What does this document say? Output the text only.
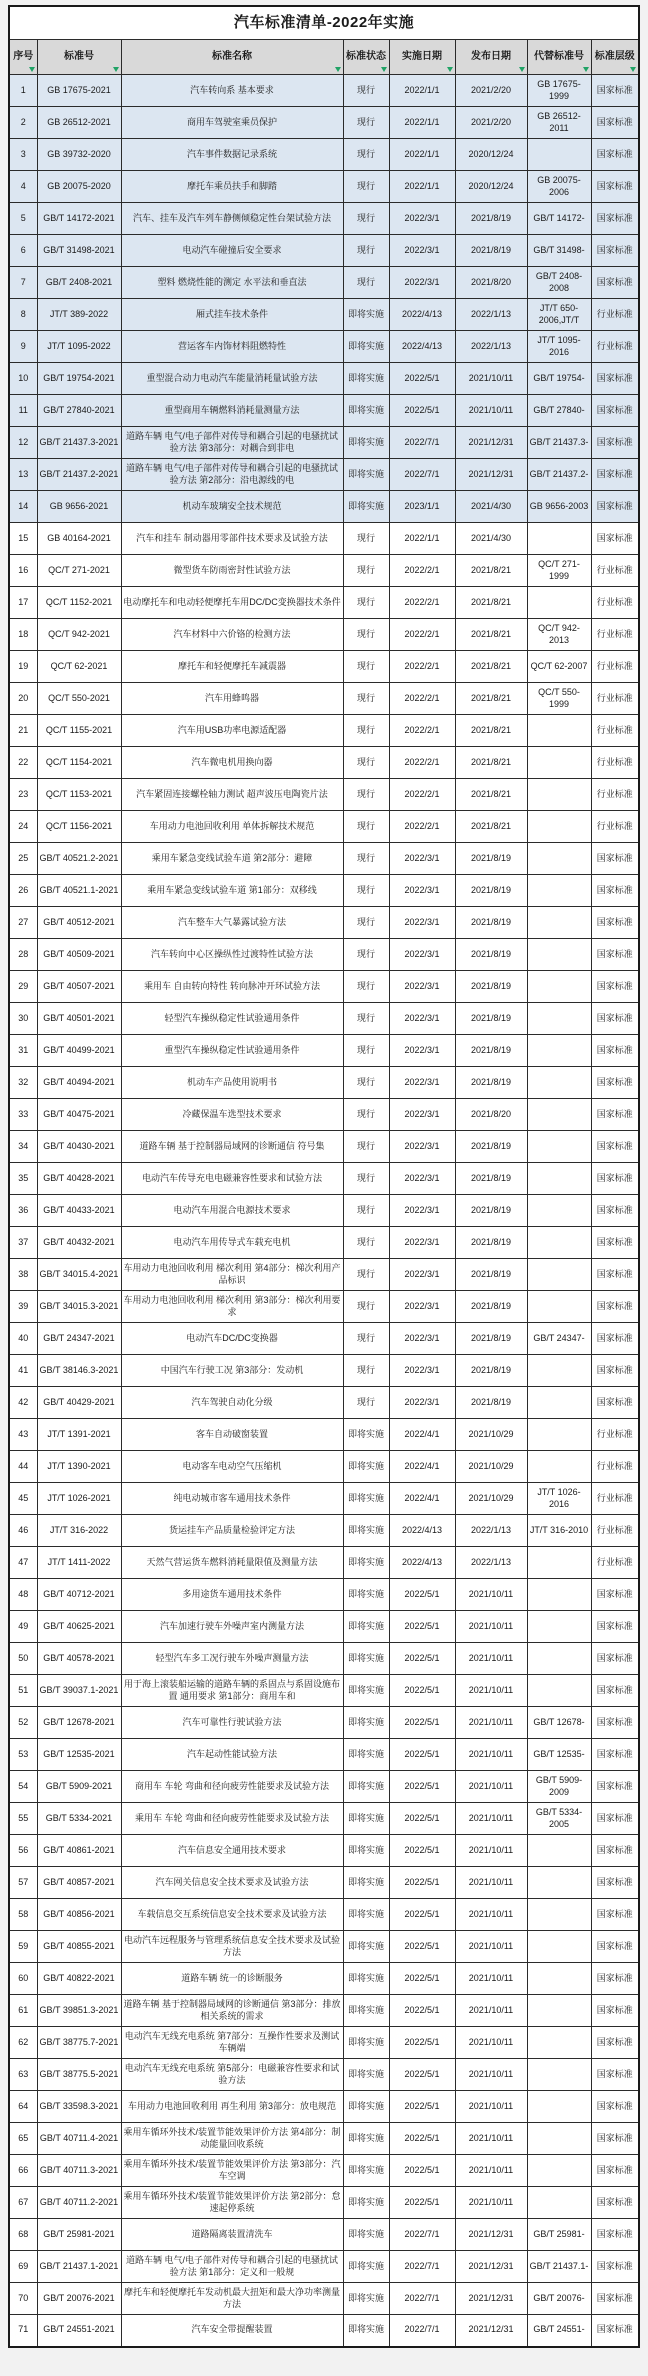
汽车标准清单-2022年实施							
序号	标准号	标准名称	标准状态	实施日期	发布日期	代替标准号	标准层级

1	GB 17675-2021	汽车转向系 基本要求	现行	2022/1/1	2021/2/20	GB 17675-1999	国家标准
2	GB 26512-2021	商用车驾驶室乘员保护	现行	2022/1/1	2021/2/20	GB 26512-2011	国家标准
3	GB 39732-2020	汽车事件数据记录系统	现行	2022/1/1	2020/12/24		国家标准
4	GB 20075-2020	摩托车乘员扶手和脚踏	现行	2022/1/1	2020/12/24	GB 20075-2006	国家标准
5	GB/T 14172-2021	汽车、挂车及汽车列车静侧倾稳定性台架试验方法	现行	2022/3/1	2021/8/19	GB/T 14172-	国家标准
6	GB/T 31498-2021	电动汽车碰撞后安全要求	现行	2022/3/1	2021/8/19	GB/T 31498-	国家标准
7	GB/T 2408-2021	塑料 燃烧性能的测定 水平法和垂直法	现行	2022/3/1	2021/8/20	GB/T 2408-2008	国家标准
8	JT/T 389-2022	厢式挂车技术条件	即将实施	2022/4/13	2022/1/13	JT/T 650-2006,JT/T	行业标准
9	JT/T 1095-2022	营运客车内饰材料阻燃特性	即将实施	2022/4/13	2022/1/13	JT/T 1095-2016	行业标准
10	GB/T 19754-2021	重型混合动力电动汽车能量消耗量试验方法	即将实施	2022/5/1	2021/10/11	GB/T 19754-	国家标准
11	GB/T 27840-2021	重型商用车辆燃料消耗量测量方法	即将实施	2022/5/1	2021/10/11	GB/T 27840-	国家标准
12	GB/T 21437.3-2021	道路车辆 电气/电子部件对传导和耦合引起的电骚扰试验方法 第3部分：对耦合到非电	即将实施	2022/7/1	2021/12/31	GB/T 21437.3-	国家标准
13	GB/T 21437.2-2021	道路车辆 电气/电子部件对传导和耦合引起的电骚扰试验方法 第2部分：沿电源线的电	即将实施	2022/7/1	2021/12/31	GB/T 21437.2-	国家标准
14	GB 9656-2021	机动车玻璃安全技术规范	即将实施	2023/1/1	2021/4/30	GB 9656-2003	国家标准
15	GB 40164-2021	汽车和挂车 制动器用零部件技术要求及试验方法	现行	2022/1/1	2021/4/30		国家标准
16	QC/T 271-2021	微型货车防雨密封性试验方法	现行	2022/2/1	2021/8/21	QC/T 271-1999	行业标准
17	QC/T 1152-2021	电动摩托车和电动轻便摩托车用DC/DC变换器技术条件	现行	2022/2/1	2021/8/21		行业标准
18	QC/T 942-2021	汽车材料中六价铬的检测方法	现行	2022/2/1	2021/8/21	QC/T 942-2013	行业标准
19	QC/T 62-2021	摩托车和轻便摩托车减震器	现行	2022/2/1	2021/8/21	QC/T 62-2007	行业标准
20	QC/T 550-2021	汽车用蜂鸣器	现行	2022/2/1	2021/8/21	QC/T 550-1999	行业标准
21	QC/T 1155-2021	汽车用USB功率电源适配器	现行	2022/2/1	2021/8/21		行业标准
22	QC/T 1154-2021	汽车微电机用换向器	现行	2022/2/1	2021/8/21		行业标准
23	QC/T 1153-2021	汽车紧固连接螺栓轴力测试 超声波压电陶瓷片法	现行	2022/2/1	2021/8/21		行业标准
24	QC/T 1156-2021	车用动力电池回收利用 单体拆解技术规范	现行	2022/2/1	2021/8/21		行业标准
25	GB/T 40521.2-2021	乘用车紧急变线试验车道 第2部分：避障	现行	2022/3/1	2021/8/19		国家标准
26	GB/T 40521.1-2021	乘用车紧急变线试验车道 第1部分：双移线	现行	2022/3/1	2021/8/19		国家标准
27	GB/T 40512-2021	汽车整车大气暴露试验方法	现行	2022/3/1	2021/8/19		国家标准
28	GB/T 40509-2021	汽车转向中心区操纵性过渡特性试验方法	现行	2022/3/1	2021/8/19		国家标准
29	GB/T 40507-2021	乘用车 自由转向特性 转向脉冲开环试验方法	现行	2022/3/1	2021/8/19		国家标准
30	GB/T 40501-2021	轻型汽车操纵稳定性试验通用条件	现行	2022/3/1	2021/8/19		国家标准
31	GB/T 40499-2021	重型汽车操纵稳定性试验通用条件	现行	2022/3/1	2021/8/19		国家标准
32	GB/T 40494-2021	机动车产品使用说明书	现行	2022/3/1	2021/8/19		国家标准
33	GB/T 40475-2021	冷藏保温车选型技术要求	现行	2022/3/1	2021/8/20		国家标准
34	GB/T 40430-2021	道路车辆 基于控制器局域网的诊断通信 符号集	现行	2022/3/1	2021/8/19		国家标准
35	GB/T 40428-2021	电动汽车传导充电电磁兼容性要求和试验方法	现行	2022/3/1	2021/8/19		国家标准
36	GB/T 40433-2021	电动汽车用混合电源技术要求	现行	2022/3/1	2021/8/19		国家标准
37	GB/T 40432-2021	电动汽车用传导式车载充电机	现行	2022/3/1	2021/8/19		国家标准
38	GB/T 34015.4-2021	车用动力电池回收利用 梯次利用 第4部分：梯次利用产品标识	现行	2022/3/1	2021/8/19		国家标准
39	GB/T 34015.3-2021	车用动力电池回收利用 梯次利用 第3部分：梯次利用要求	现行	2022/3/1	2021/8/19		国家标准
40	GB/T 24347-2021	电动汽车DC/DC变换器	现行	2022/3/1	2021/8/19	GB/T 24347-	国家标准
41	GB/T 38146.3-2021	中国汽车行驶工况 第3部分：发动机	现行	2022/3/1	2021/8/19		国家标准
42	GB/T 40429-2021	汽车驾驶自动化分级	现行	2022/3/1	2021/8/19		国家标准
43	JT/T 1391-2021	客车自动破窗装置	即将实施	2022/4/1	2021/10/29		行业标准
44	JT/T 1390-2021	电动客车电动空气压缩机	即将实施	2022/4/1	2021/10/29		行业标准
45	JT/T 1026-2021	纯电动城市客车通用技术条件	即将实施	2022/4/1	2021/10/29	JT/T 1026-2016	行业标准
46	JT/T 316-2022	货运挂车产品质量检验评定方法	即将实施	2022/4/13	2022/1/13	JT/T 316-2010	行业标准
47	JT/T 1411-2022	天然气营运货车燃料消耗量限值及测量方法	即将实施	2022/4/13	2022/1/13		行业标准
48	GB/T 40712-2021	多用途货车通用技术条件	即将实施	2022/5/1	2021/10/11		国家标准
49	GB/T 40625-2021	汽车加速行驶车外噪声室内测量方法	即将实施	2022/5/1	2021/10/11		国家标准
50	GB/T 40578-2021	轻型汽车多工况行驶车外噪声测量方法	即将实施	2022/5/1	2021/10/11		国家标准
51	GB/T 39037.1-2021	用于海上滚装船运输的道路车辆的系固点与系固设施布置 通用要求 第1部分：商用车和	即将实施	2022/5/1	2021/10/11		国家标准
52	GB/T 12678-2021	汽车可靠性行驶试验方法	即将实施	2022/5/1	2021/10/11	GB/T 12678-	国家标准
53	GB/T 12535-2021	汽车起动性能试验方法	即将实施	2022/5/1	2021/10/11	GB/T 12535-	国家标准
54	GB/T 5909-2021	商用车 车轮 弯曲和径向疲劳性能要求及试验方法	即将实施	2022/5/1	2021/10/11	GB/T 5909-2009	国家标准
55	GB/T 5334-2021	乘用车 车轮 弯曲和径向疲劳性能要求及试验方法	即将实施	2022/5/1	2021/10/11	GB/T 5334-2005	国家标准
56	GB/T 40861-2021	汽车信息安全通用技术要求	即将实施	2022/5/1	2021/10/11		国家标准
57	GB/T 40857-2021	汽车网关信息安全技术要求及试验方法	即将实施	2022/5/1	2021/10/11		国家标准
58	GB/T 40856-2021	车载信息交互系统信息安全技术要求及试验方法	即将实施	2022/5/1	2021/10/11		国家标准
59	GB/T 40855-2021	电动汽车远程服务与管理系统信息安全技术要求及试验方法	即将实施	2022/5/1	2021/10/11		国家标准
60	GB/T 40822-2021	道路车辆 统一的诊断服务	即将实施	2022/5/1	2021/10/11		国家标准
61	GB/T 39851.3-2021	道路车辆 基于控制器局域网的诊断通信 第3部分：排放相关系统的需求	即将实施	2022/5/1	2021/10/11		国家标准
62	GB/T 38775.7-2021	电动汽车无线充电系统 第7部分：互操作性要求及测试 车辆端	即将实施	2022/5/1	2021/10/11		国家标准
63	GB/T 38775.5-2021	电动汽车无线充电系统 第5部分：电磁兼容性要求和试验方法	即将实施	2022/5/1	2021/10/11		国家标准
64	GB/T 33598.3-2021	车用动力电池回收利用 再生利用 第3部分：放电规范	即将实施	2022/5/1	2021/10/11		国家标准
65	GB/T 40711.4-2021	乘用车循环外技术/装置节能效果评价方法 第4部分：制动能量回收系统	即将实施	2022/5/1	2021/10/11		国家标准
66	GB/T 40711.3-2021	乘用车循环外技术/装置节能效果评价方法 第3部分：汽车空调	即将实施	2022/5/1	2021/10/11		国家标准
67	GB/T 40711.2-2021	乘用车循环外技术/装置节能效果评价方法 第2部分：怠速起停系统	即将实施	2022/5/1	2021/10/11		国家标准
68	GB/T 25981-2021	道路隔离装置清洗车	即将实施	2022/7/1	2021/12/31	GB/T 25981-	国家标准
69	GB/T 21437.1-2021	道路车辆 电气/电子部件对传导和耦合引起的电骚扰试验方法 第1部分：定义和一般规	即将实施	2022/7/1	2021/12/31	GB/T 21437.1-	国家标准
70	GB/T 20076-2021	摩托车和轻便摩托车发动机最大扭矩和最大净功率测量方法	即将实施	2022/7/1	2021/12/31	GB/T 20076-	国家标准
71	GB/T 24551-2021	汽车安全带提醒装置	即将实施	2022/7/1	2021/12/31	GB/T 24551-	国家标准
